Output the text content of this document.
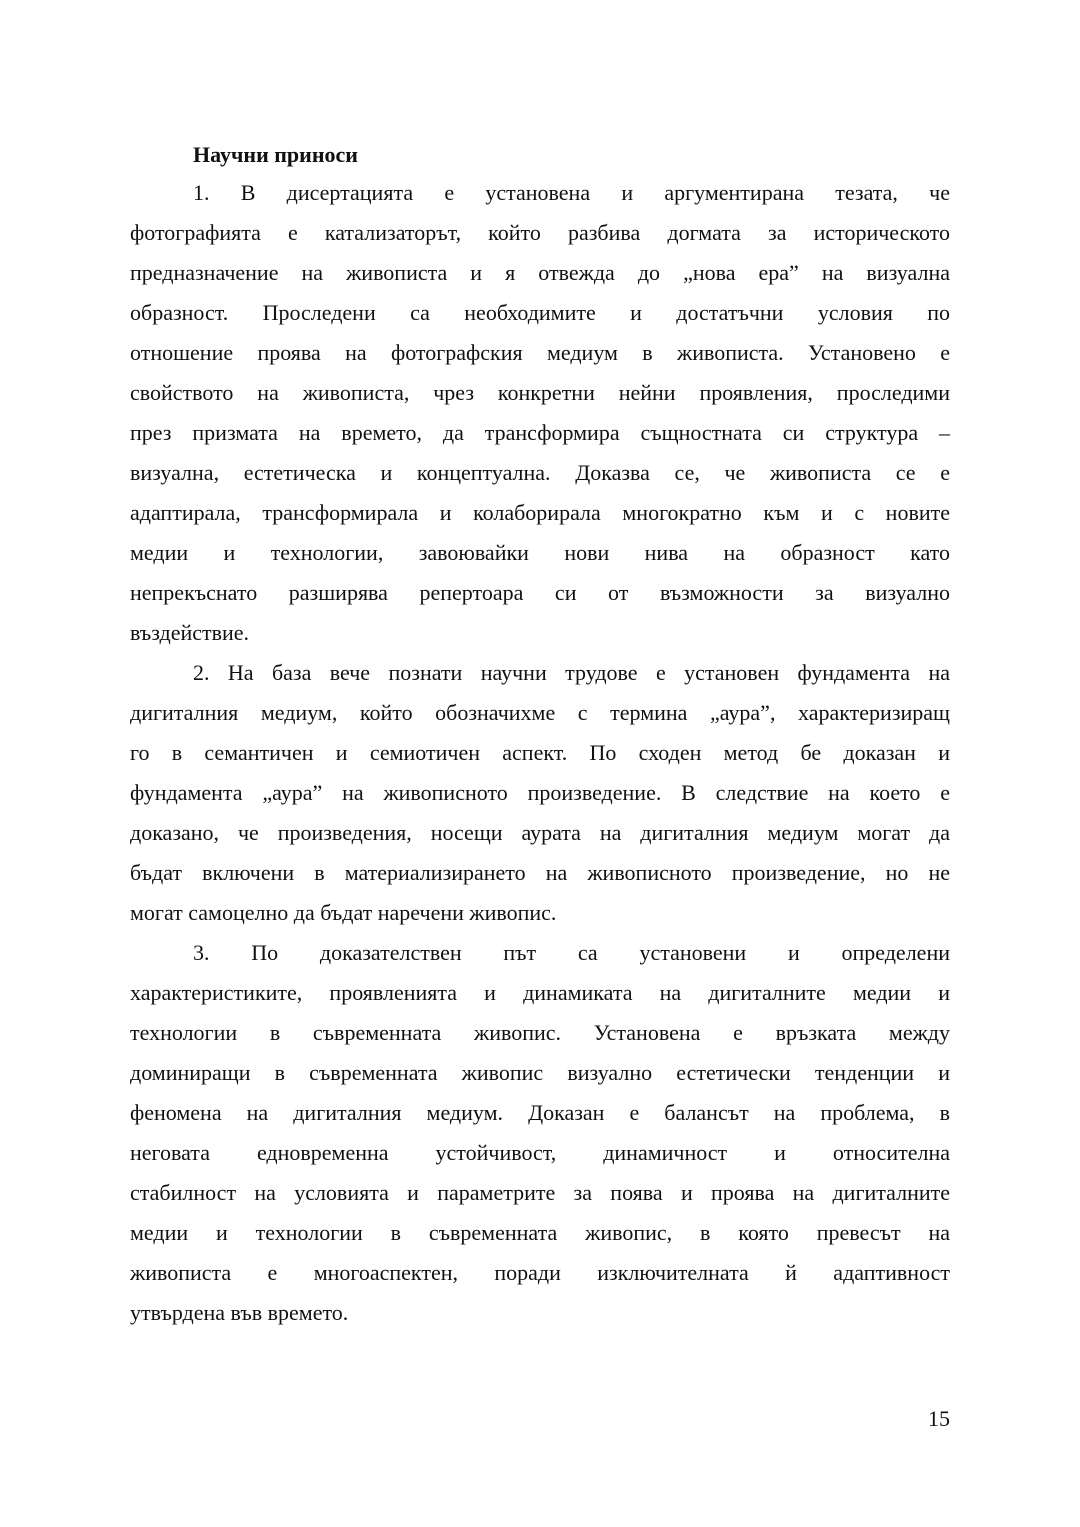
Научни приноси
1. В дисертацията е установена и аргументирана тезата, че
фотографията е катализаторът, който разбива догмата за историческото
предназначение на живописта и я отвежда до „нова ера” на визуална
образност. Проследени са необходимите и достатъчни условия по
отношение проява на фотографския медиум в живописта. Установено е
свойството на живописта, чрез конкретни нейни проявления, проследими
през призмата на времето, да трансформира същностната си структура –
визуална, естетическа и концептуална. Доказва се, че живописта се е
адаптирала, трансформирала и колаборирала многократно към и с новите
медии и технологии, завоювайки нови нива на образност като
непрекъснато разширява репертоара си от възможности за визуално
въздействие.
2. На база вече познати научни трудове е установен фундамента на
дигиталния медиум, който обозначихме с термина „аура”, характеризиращ
го в семантичен и семиотичен аспект. По сходен метод бе доказан и
фундамента „аура” на живописното произведение. В следствие на което е
доказано, че произведения, носещи аурата на дигиталния медиум могат да
бъдат включени в материализирането на живописното произведение, но не
могат самоцелно да бъдат наречени живопис.
3. По доказателствен път са установени и определени
характеристиките, проявленията и динамиката на дигиталните медии и
технологии в съвременната живопис. Установена е връзката между
доминиращи в съвременната живопис визуално естетически тенденции и
феномена на дигиталния медиум. Доказан е балансът на проблема, в
неговата едновременна устойчивост, динамичност и относителна
стабилност на условията и параметрите за поява и проява на дигиталните
медии и технологии в съвременната живопис, в която превесът на
живописта е многоаспектен, поради изключителната й адаптивност
утвърдена във времето.
15
